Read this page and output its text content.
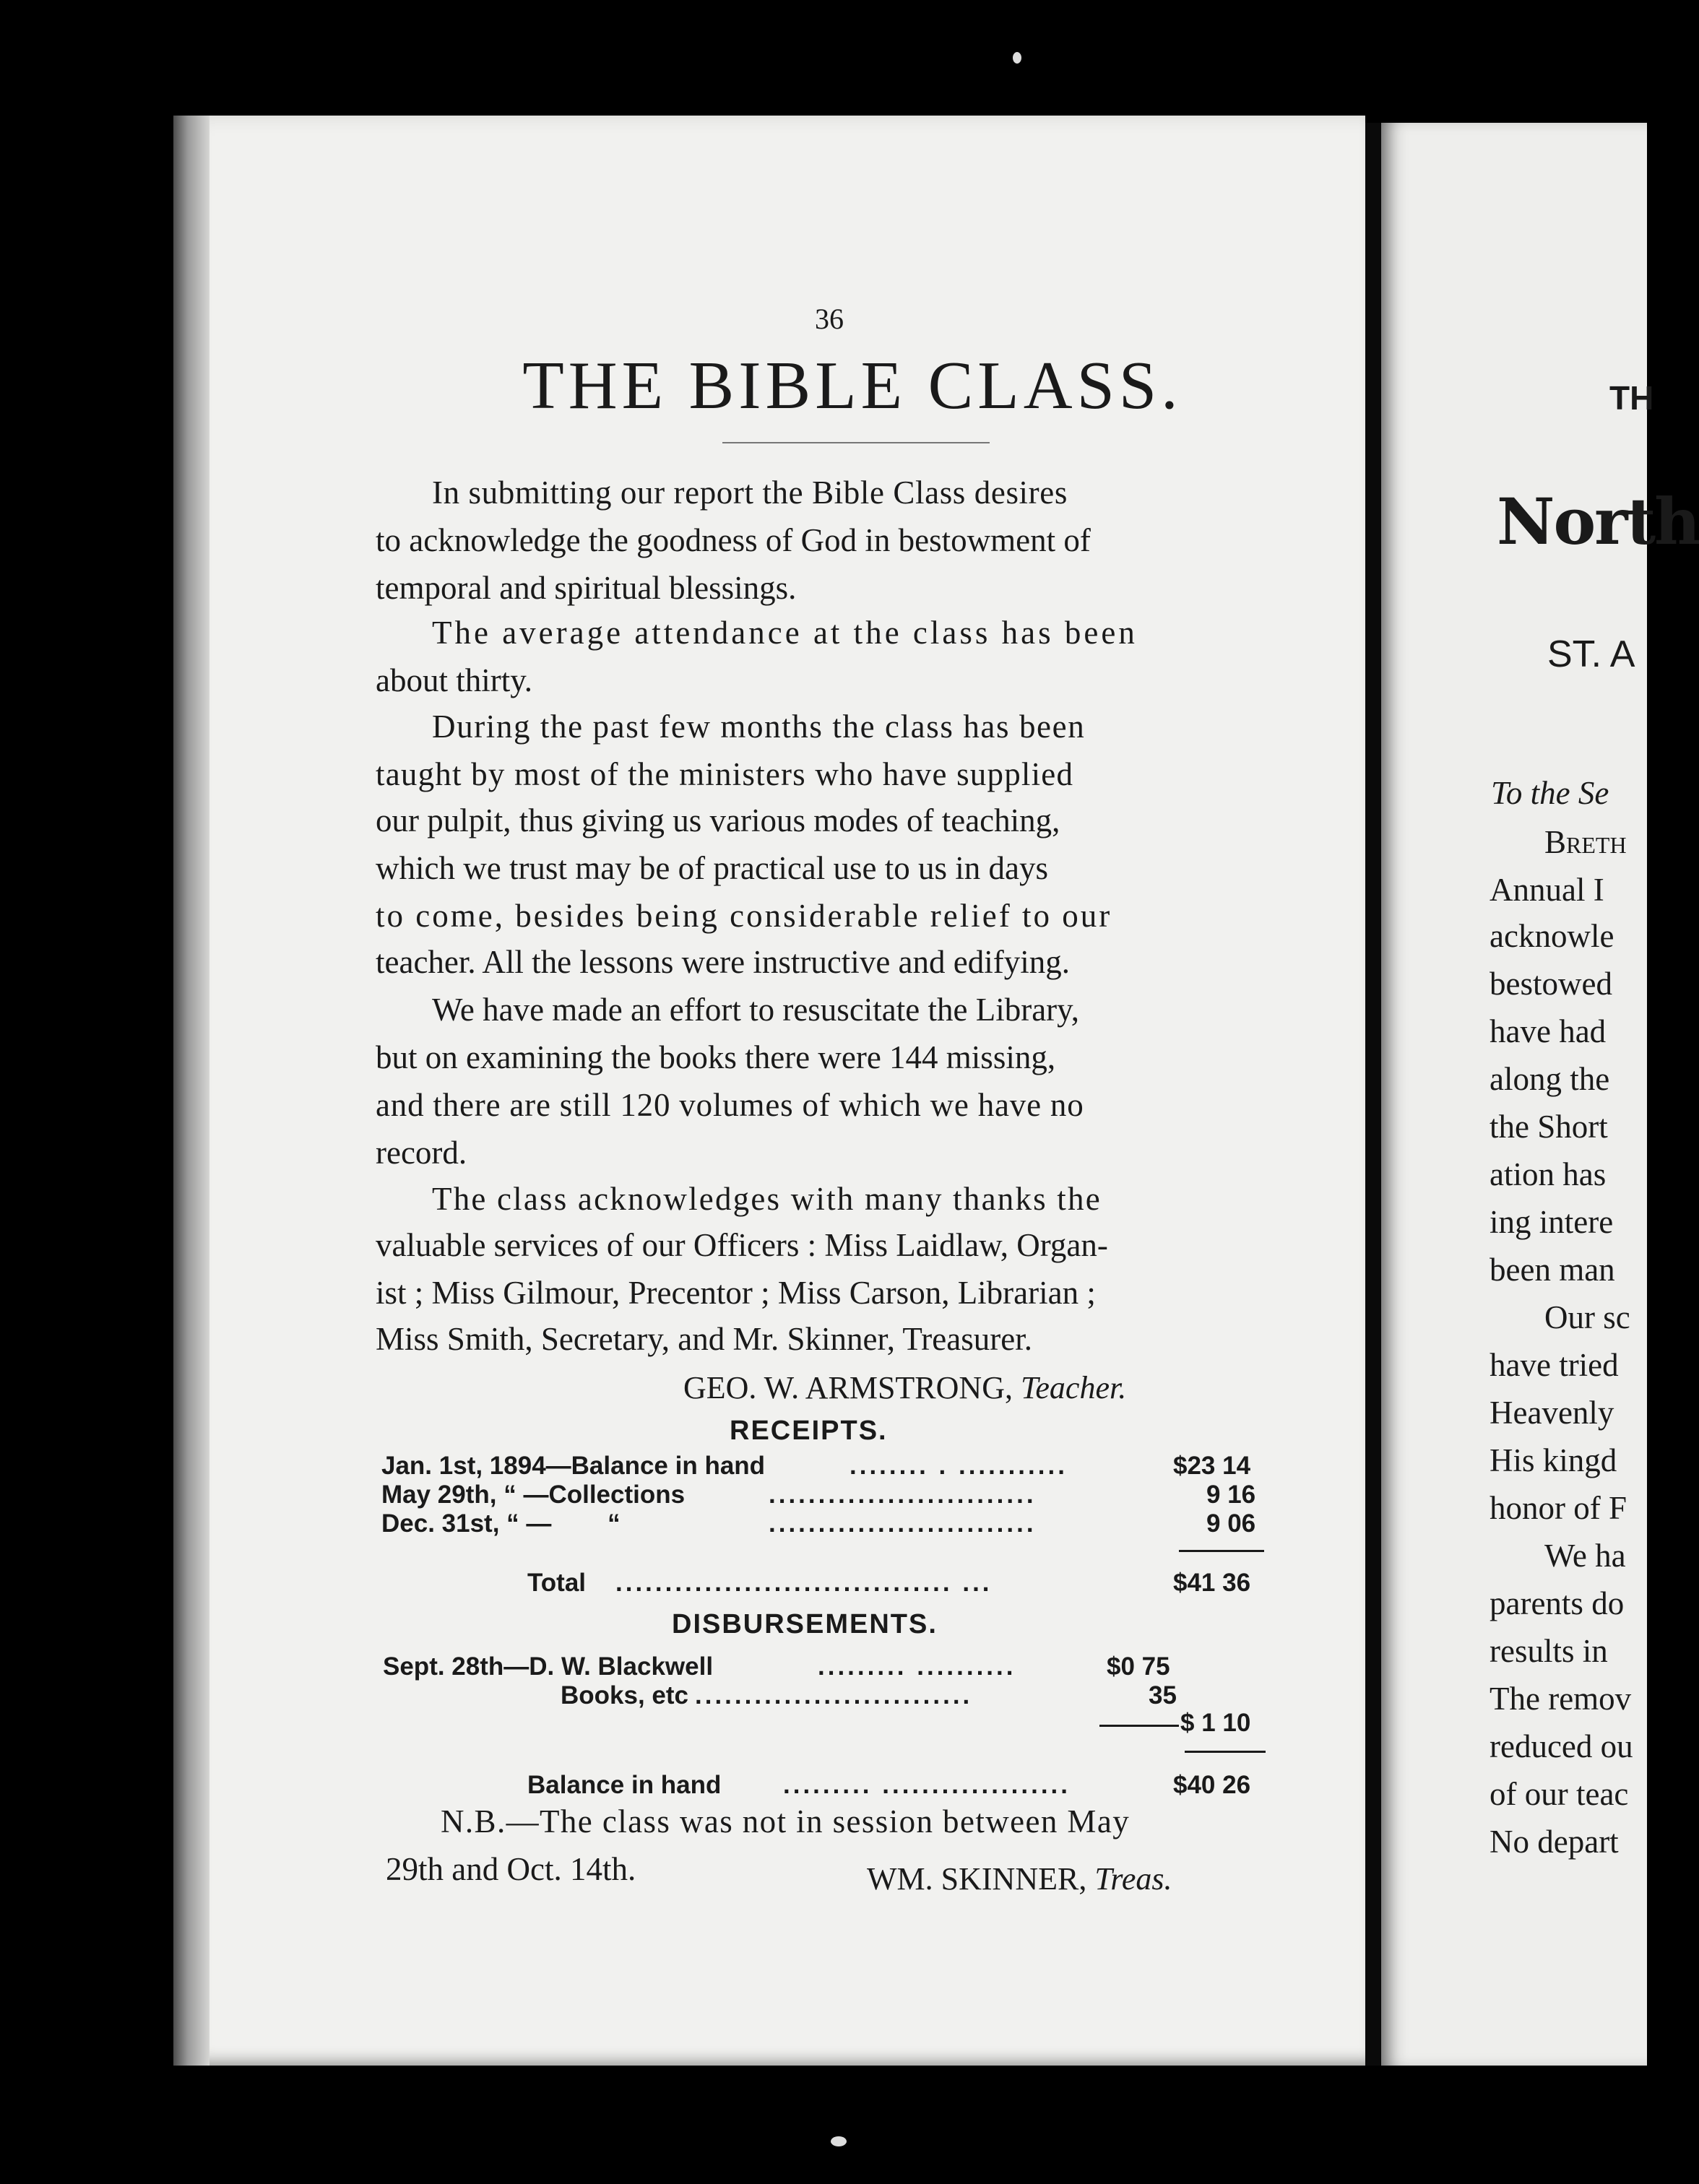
36
THE BIBLE CLASS.
In submitting our report the Bible Class desires
to acknowledge the goodness of God in bestowment of
temporal and spiritual blessings.
The average attendance at the class has been
about thirty.
During the past few months the class has been
taught by most of the ministers who have supplied
our pulpit, thus giving us various modes of teaching,
which we trust may be of practical use to us in days
to come, besides being considerable relief to our
teacher. All the lessons were instructive and edifying.
We have made an effort to resuscitate the Library,
but on examining the books there were 144 missing,
and there are still 120 volumes of which we have no
record.
The class acknowledges with many thanks the
valuable services of our Officers : Miss Laidlaw, Organ-
ist ; Miss Gilmour, Precentor ; Miss Carson, Librarian ;
Miss Smith, Secretary, and Mr. Skinner, Treasurer.
GEO. W. ARMSTRONG, Teacher.
RECEIPTS.
Jan. 1st, 1894—Balance in hand	........ . ...........	$23 14
May 29th, “ —Collections	...........................	9 16
Dec. 31st, “ —        “	...........................	9 06
Total .................................. ...	$41 36
DISBURSEMENTS.
Sept. 28th—D. W. Blackwell	......... ..........	$0 75
Books, etc ............................	35
$ 1 10
Balance in hand ......... ...................	$40 26
N.B.—The class was not in session between May
29th and Oct. 14th.	WM. SKINNER, Treas.
TH
North
ST. A
To the Se
Breth
Annual I
acknowle
bestowed
have had
along the
the Short
ation has
ing intere
been man
Our sc
have tried
Heavenly
His kingd
honor of F
We ha
parents do
results in
The remov
reduced ou
of our teac
No depart
